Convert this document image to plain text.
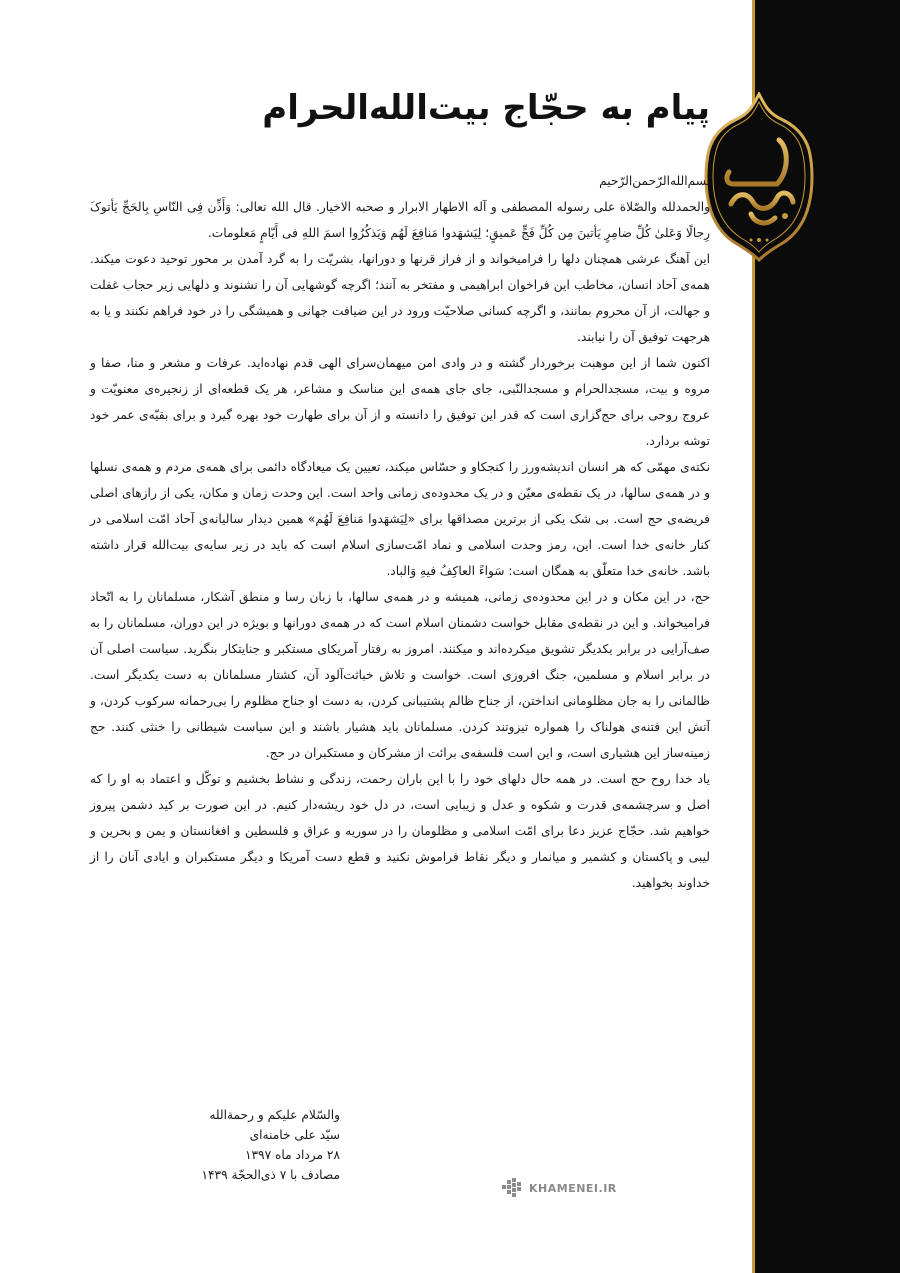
پیام به حجّاج بیت‌الله‌الحرام

بسم‌الله‌الرّحمن‌الرّحیم

والحمدلله والصّلاة علی رسوله المصطفی و آله الاطهار الابرار و صحبه الاخیار. قال الله تعالی: وَأَذِّن فِی النّاسِ بِالحَجِّ یَأتوکَ رِجالًا وَعَلیٰ کُلِّ ضامِرٍ یَأتینَ مِن کُلِّ فَجٍّ عَمیقٍ؛ لِیَشهَدوا مَنافِعَ لَهُم وَیَذکُرُوا اسمَ اللهِ فی أَیّامٍ مَعلومات.

این آهنگ عرشی همچنان دلها را فرامیخواند و از فراز قرنها و دورانها، بشریّت را به گرد آمدن بر محور توحید دعوت میکند. همه‌ی آحاد انسان، مخاطب این فراخوان ابراهیمی و مفتخر به آنند؛ اگرچه گوشهایی آن را نشنوند و دلهایی زیر حجاب غفلت و جهالت، از آن محروم بمانند، و اگرچه کسانی صلاحیّت ورود در این ضیافت جهانی و همیشگی را در خود فراهم نکنند و یا به هرجهت توفیق آن را نیابند.

اکنون شما از این موهبت برخوردار گشته و در وادی امن میهمان‌سرای الهی قدم نهاده‌اید. عرفات و مشعر و منا، صفا و مروه و بیت، مسجدالحرام و مسجدالنّبی، جای جای همه‌ی این مناسک و مشاعر، هر یک قطعه‌ای از زنجیره‌ی معنویّت و عروج روحی برای حج‌گزاری است که قدر این توفیق را دانسته و از آن برای طهارت خود بهره گیرد و برای بقیّه‌ی عمر خود توشه بردارد.

نکته‌ی مهمّی که هر انسان اندیشه‌ورز را کنجکاو و حسّاس میکند، تعیین یک میعادگاه دائمی برای همه‌ی مردم و همه‌ی نسلها و در همه‌ی سالها، در یک نقطه‌ی معیّن و در یک محدوده‌ی زمانی واحد است. این وحدت زمان و مکان، یکی از رازهای اصلی فریضه‌ی حج است. بی شک یکی از برترین مصداقها برای «لِیَشهَدوا مَنافِعَ لَهُم» همین دیدار سالیانه‌ی آحاد امّت اسلامی در کنار خانه‌ی خدا است. این، رمز وحدت اسلامی و نماد امّت‌سازی اسلام است که باید در زیر سایه‌ی بیت‌الله قرار داشته باشد. خانه‌ی خدا متعلّق به همگان است: سَواءً العاکِفُ فیهِ وَالباد.

حج، در این مکان و در این محدوده‌ی زمانی، همیشه و در همه‌ی سالها، با زبان رسا و منطق آشکار، مسلمانان را به اتّحاد فرامیخواند. و این در نقطه‌ی مقابل خواست دشمنان اسلام است که در همه‌ی دورانها و بویژه در این دوران، مسلمانان را به صف‌آرایی در برابر یکدیگر تشویق میکرده‌اند و میکنند. امروز به رفتار آمریکای مستکبر و جنایتکار بنگرید. سیاست اصلی آن در برابر اسلام و مسلمین، جنگ افروزی است. خواست و تلاش خباثت‌آلود آن، کشتار مسلمانان به دست یکدیگر است. ظالمانی را به جان مظلومانی انداختن، از جناح ظالم پشتیبانی کردن، به دست او جناح مظلوم را بی‌رحمانه سرکوب کردن، و آتش این فتنه‌ی هولناک را همواره تیزوتند کردن. مسلمانان باید هشیار باشند و این سیاست شیطانی را خنثی کنند. حج زمینه‌ساز این هشیاری است، و این است فلسفه‌ی برائت از مشرکان و مستکبران در حج.

یاد خدا روح حج است. در همه حال دلهای خود را با این باران رحمت، زندگی و نشاط بخشیم و توکّل و اعتماد به او را که اصل و سرچشمه‌ی قدرت و شکوه و عدل و زیبایی است، در دل خود ریشه‌دار کنیم. در این صورت بر کید دشمن پیروز خواهیم شد. حجّاج عزیز دعا برای امّت اسلامی و مظلومان را در سوریه و عراق و فلسطین و افغانستان و یمن و بحرین و لیبی و پاکستان و کشمیر و میانمار و دیگر نقاط فراموش نکنید و قطع دست آمریکا و دیگر مستکبران و ایادی آنان را از خداوند بخواهید.

والسّلام علیکم و رحمةالله
سیّد علی خامنه‌ای
۲۸ مرداد ماه ۱۳۹۷
مصادف با ۷ ذی‌الحجّة ۱۴۳۹
KHAMENEI.IR
